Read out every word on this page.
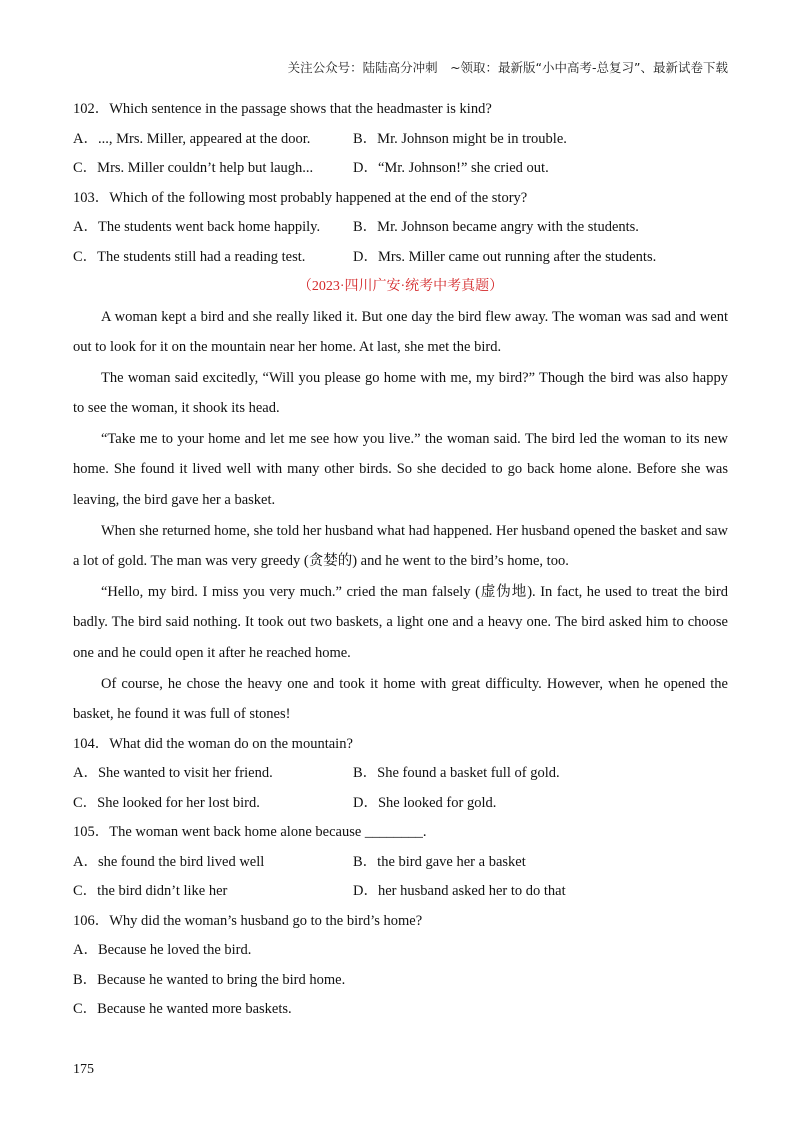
关注公众号：陆陆高分冲刺　~领取：最新版“小中高考-总复习”、最新试卷下载
102．Which sentence in the passage shows that the headmaster is kind?
A．..., Mrs. Miller, appeared at the door.	B．Mr. Johnson might be in trouble.
C．Mrs. Miller couldn’t help but laugh...	D．“Mr. Johnson!” she cried out.
103．Which of the following most probably happened at the end of the story?
A．The students went back home happily.	B．Mr. Johnson became angry with the students.
C．The students still had a reading test.	D．Mrs. Miller came out running after the students.
（2023·四川广安·统考中考真题）

A woman kept a bird and she really liked it. But one day the bird flew away. The woman was sad and went out to look for it on the mountain near her home. At last, she met the bird.

The woman said excitedly, “Will you please go home with me, my bird?” Though the bird was also happy to see the woman, it shook its head.

“Take me to your home and let me see how you live.” the woman said. The bird led the woman to its new home. She found it lived well with many other birds. So she decided to go back home alone. Before she was leaving, the bird gave her a basket.

When she returned home, she told her husband what had happened. Her husband opened the basket and saw a lot of gold. The man was very greedy (贪婪的) and he went to the bird’s home, too.

“Hello, my bird. I miss you very much.” cried the man falsely (虚伪地). In fact, he used to treat the bird badly. The bird said nothing. It took out two baskets, a light one and a heavy one. The bird asked him to choose one and he could open it after he reached home.

Of course, he chose the heavy one and took it home with great difficulty. However, when he opened the basket, he found it was full of stones!

104．What did the woman do on the mountain?
A．She wanted to visit her friend.	B．She found a basket full of gold.
C．She looked for her lost bird.	D．She looked for gold.
105．The woman went back home alone because ________.
A．she found the bird lived well	B．the bird gave her a basket
C．the bird didn’t like her	D．her husband asked her to do that
106．Why did the woman’s husband go to the bird’s home?
A．Because he loved the bird.
B．Because he wanted to bring the bird home.
C．Because he wanted more baskets.
175
